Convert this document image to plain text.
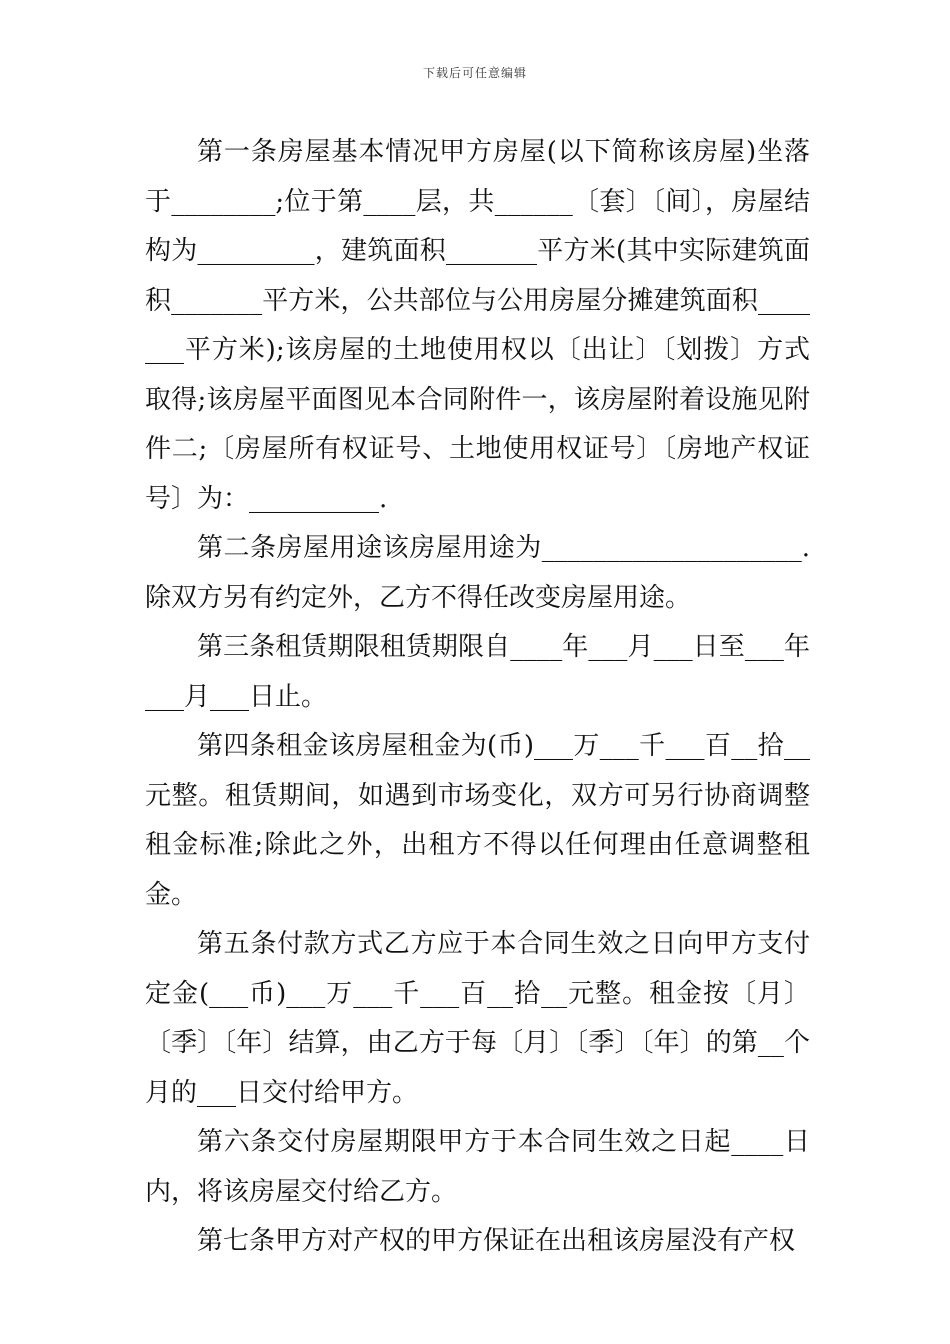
下载后可任意编辑

第一条房屋基本情况甲方房屋(以下简称该房屋)坐落于________;位于第____层，共______〔套〕〔间〕，房屋结构为_________，建筑面积_______平方米(其中实际建筑面积_______平方米，公共部位与公用房屋分摊建筑面积_______平方米);该房屋的土地使用权以〔出让〕〔划拨〕方式取得;该房屋平面图见本合同附件一，该房屋附着设施见附件二;〔房屋所有权证号、土地使用权证号〕〔房地产权证号〕为：__________.

第二条房屋用途该房屋用途为____________________.除双方另有约定外，乙方不得任改变房屋用途。

第三条租赁期限租赁期限自____年___月___日至___年___月___日止。

第四条租金该房屋租金为(币)___万___千___百__拾__元整。租赁期间，如遇到市场变化，双方可另行协商调整租金标准;除此之外，出租方不得以任何理由任意调整租金。

第五条付款方式乙方应于本合同生效之日向甲方支付定金(___币)___万___千___百__拾__元整。租金按〔月〕〔季〕〔年〕结算，由乙方于每〔月〕〔季〕〔年〕的第__个月的___日交付给甲方。

第六条交付房屋期限甲方于本合同生效之日起____日内，将该房屋交付给乙方。

第七条甲方对产权的甲方保证在出租该房屋没有产权
